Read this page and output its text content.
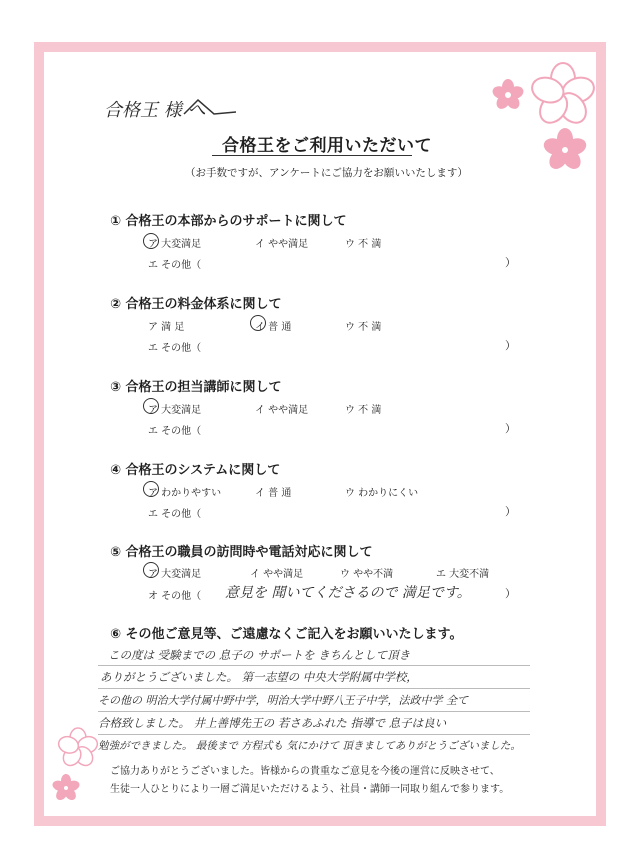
合格王 様 へ
合格王をご利用いただいて
（お手数ですが、アンケートにご協力をお願いいたします）
① 合格王の本部からのサポートに関して
ア 大変満足	イ やや満足	ウ 不 満
エ その他（	）
② 合格王の料金体系に関して
ア 満 足	イ 普 通	ウ 不 満
エ その他（	）
③ 合格王の担当講師に関して
ア 大変満足	イ やや満足	ウ 不 満
エ その他（	）
④ 合格王のシステムに関して
ア わかりやすい	イ 普 通	ウ わかりにくい
エ その他（	）
⑤ 合格王の職員の訪問時や電話対応に関して
ア 大変満足	イ やや満足	ウ やや不満	エ 大変不満
オ その他（ 意見を 聞いてくださるので 満足です。	）
⑥ その他ご意見等、ご遠慮なくご記入をお願いいたします。
この度は 受験までの 息子の サポートを きちんとして頂き
ありがとうございました。 第一志望の 中央大学附属中学校，
その他の 明治大学付属中野中学，明治大学中野八王子中学，法政中学 全て
合格致しました。 井上善博先王の 若さあふれた 指導で 息子は良い
勉強ができました。 最後まで 方程式も 気にかけて 頂きましてありがとうございました。
ご協力ありがとうございました。皆様からの貴重なご意見を今後の運営に反映させて、
生徒一人ひとりにより一層ご満足いただけるよう、社員・講師一同取り組んで参ります。
